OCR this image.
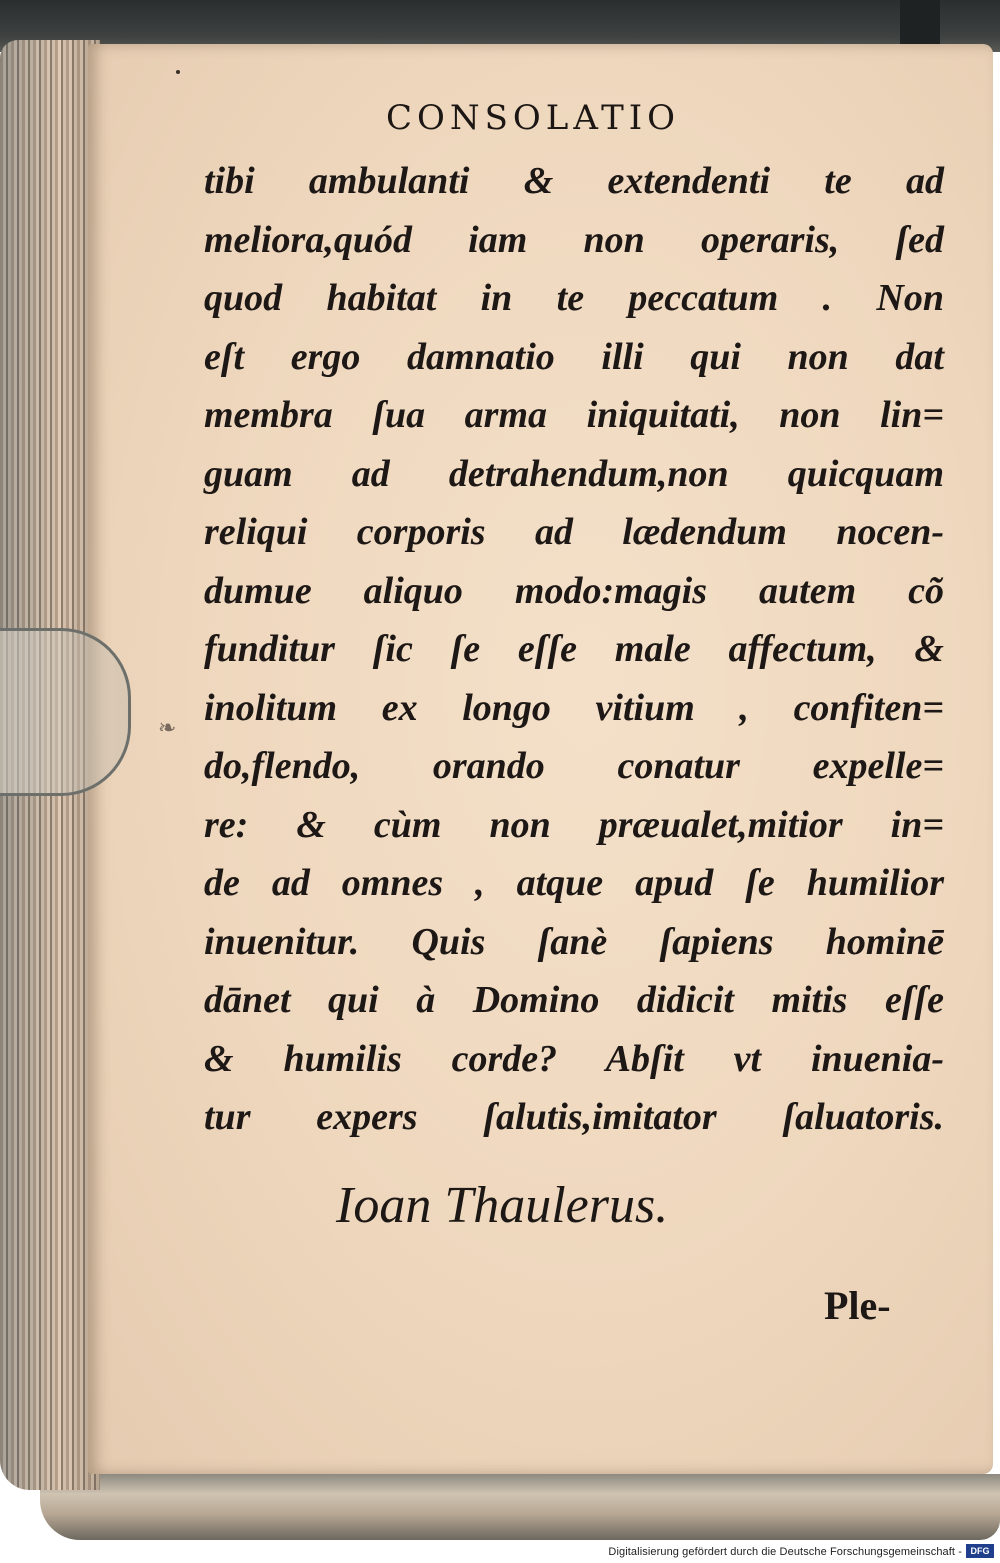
❧
CONSOLATIO
tibi ambulanti & extendenti te ad
meliora,quód iam non operaris, ſed
quod habitat in te peccatum . Non
eſt ergo damnatio illi qui non dat
membra ſua arma iniquitati, non lin=
guam ad detrahendum,non quicquam
reliqui corporis ad lædendum nocen-
dumue aliquo modo:magis autem cõ
funditur ſic ſe eſſe male affectum, &
inolitum ex longo vitium , confiten=
do,flendo, orando conatur expelle=
re: & cùm non præualet,mitior in=
de ad omnes , atque apud ſe humilior
inuenitur. Quis ſanè ſapiens hominē
dānet qui à Domino didicit mitis eſſe
& humilis corde? Abſit vt inuenia-
tur expers ſalutis,imitator ſaluatoris.
Ioan Thaulerus.
Ple-
Digitalisierung gefördert durch die Deutsche Forschungsgemeinschaft - DFG
